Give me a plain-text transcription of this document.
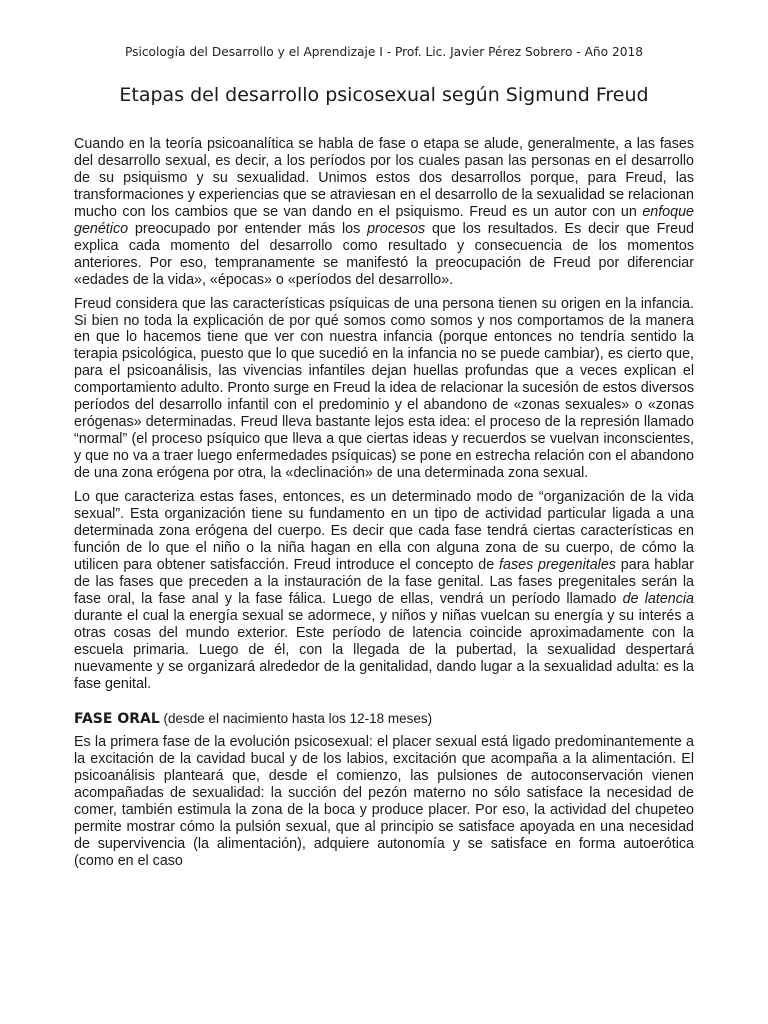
Psicología del Desarrollo y el Aprendizaje I - Prof. Lic. Javier Pérez Sobrero - Año 2018
Etapas del desarrollo psicosexual según Sigmund Freud

Cuando en la teoría psicoanalítica se habla de fase o etapa se alude, generalmente, a las fases del desarrollo sexual, es decir, a los períodos por los cuales pasan las personas en el desarrollo de su psiquismo y su sexualidad. Unimos estos dos desarrollos porque, para Freud, las transformaciones y experiencias que se atraviesan en el desarrollo de la sexualidad se relacionan mucho con los cambios que se van dando en el psiquismo. Freud es un autor con un enfoque genético preocupado por entender más los procesos que los resultados. Es decir que Freud explica cada momento del desarrollo como resultado y consecuencia de los momentos anteriores. Por eso, tempranamente se manifestó la preocupación de Freud por diferenciar «edades de la vida», «épocas» o «períodos del desarrollo».

Freud considera que las características psíquicas de una persona tienen su origen en la infancia. Si bien no toda la explicación de por qué somos como somos y nos comportamos de la manera en que lo hacemos tiene que ver con nuestra infancia (porque entonces no tendría sentido la terapia psicológica, puesto que lo que sucedió en la infancia no se puede cambiar), es cierto que, para el psicoanálisis, las vivencias infantiles dejan huellas profundas que a veces explican el comportamiento adulto. Pronto surge en Freud la idea de relacionar la sucesión de estos diversos períodos del desarrollo infantil con el predominio y el abandono de «zonas sexuales» o «zonas erógenas» determinadas. Freud lleva bastante lejos esta idea: el proceso de la represión llamado “normal” (el proceso psíquico que lleva a que ciertas ideas y recuerdos se vuelvan inconscientes, y que no va a traer luego enfermedades psíquicas) se pone en estrecha relación con el abandono de una zona erógena por otra, la «declinación» de una determinada zona sexual.

Lo que caracteriza estas fases, entonces, es un determinado modo de “organización de la vida sexual”. Esta organización tiene su fundamento en un tipo de actividad particular ligada a una determinada zona erógena del cuerpo. Es decir que cada fase tendrá ciertas características en función de lo que el niño o la niña hagan en ella con alguna zona de su cuerpo, de cómo la utilicen para obtener satisfacción. Freud introduce el concepto de fases pregenitales para hablar de las fases que preceden a la instauración de la fase genital. Las fases pregenitales serán la fase oral, la fase anal y la fase fálica. Luego de ellas, vendrá un período llamado de latencia durante el cual la energía sexual se adormece, y niños y niñas vuelcan su energía y su interés a otras cosas del mundo exterior. Este período de latencia coincide aproximadamente con la escuela primaria. Luego de él, con la llegada de la pubertad, la sexualidad despertará nuevamente y se organizará alrededor de la genitalidad, dando lugar a la sexualidad adulta: es la fase genital.

FASE ORAL (desde el nacimiento hasta los 12-18 meses)

Es la primera fase de la evolución psicosexual: el placer sexual está ligado predominantemente a la excitación de la cavidad bucal y de los labios, excitación que acompaña a la alimentación. El psicoanálisis planteará que, desde el comienzo, las pulsiones de autoconservación vienen acompañadas de sexualidad: la succión del pezón materno no sólo satisface la necesidad de comer, también estimula la zona de la boca y produce placer. Por eso, la actividad del chupeteo permite mostrar cómo la pulsión sexual, que al principio se satisface apoyada en una necesidad de supervivencia (la alimentación), adquiere autonomía y se satisface en forma autoerótica (como en el caso
